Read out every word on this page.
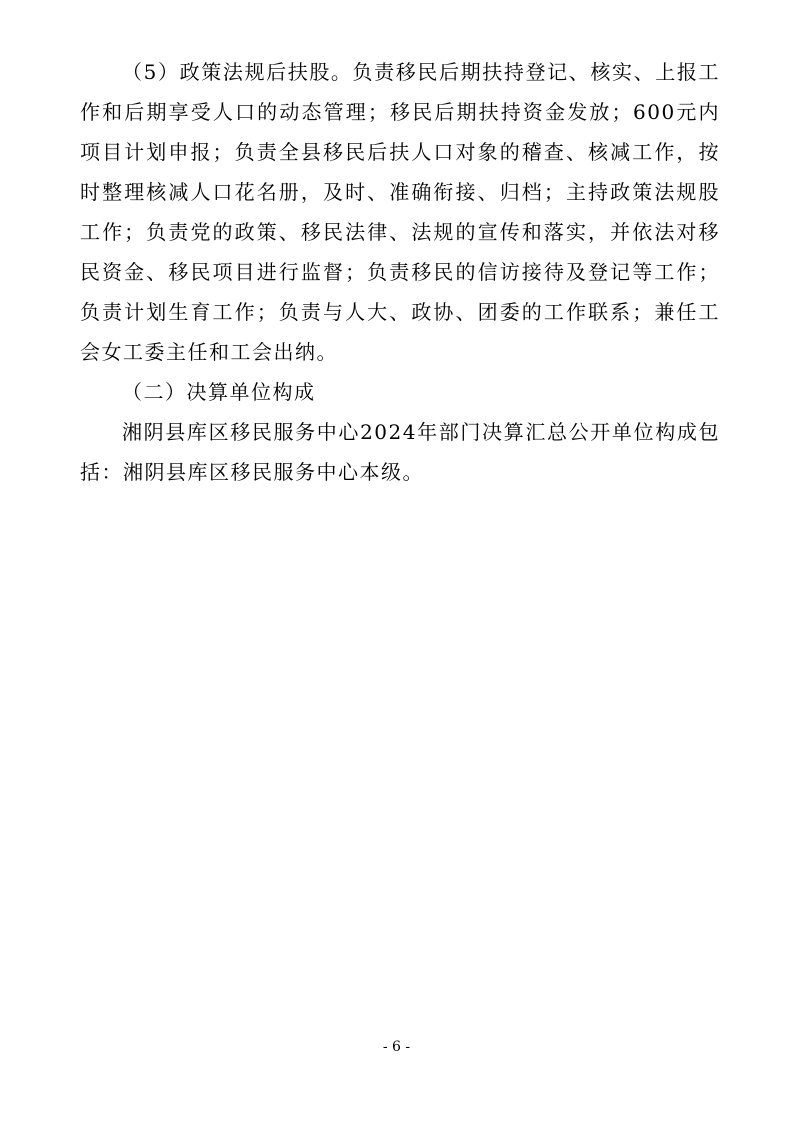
（5）政策法规后扶股。负责移民后期扶持登记、核实、上报工作和后期享受人口的动态管理；移民后期扶持资金发放；600元内项目计划申报；负责全县移民后扶人口对象的稽查、核减工作，按时整理核减人口花名册，及时、准确衔接、归档；主持政策法规股工作；负责党的政策、移民法律、法规的宣传和落实，并依法对移民资金、移民项目进行监督；负责移民的信访接待及登记等工作；负责计划生育工作；负责与人大、政协、团委的工作联系；兼任工会女工委主任和工会出纳。

（二）决算单位构成

湘阴县库区移民服务中心2024年部门决算汇总公开单位构成包括：湘阴县库区移民服务中心本级。

- 6 -
